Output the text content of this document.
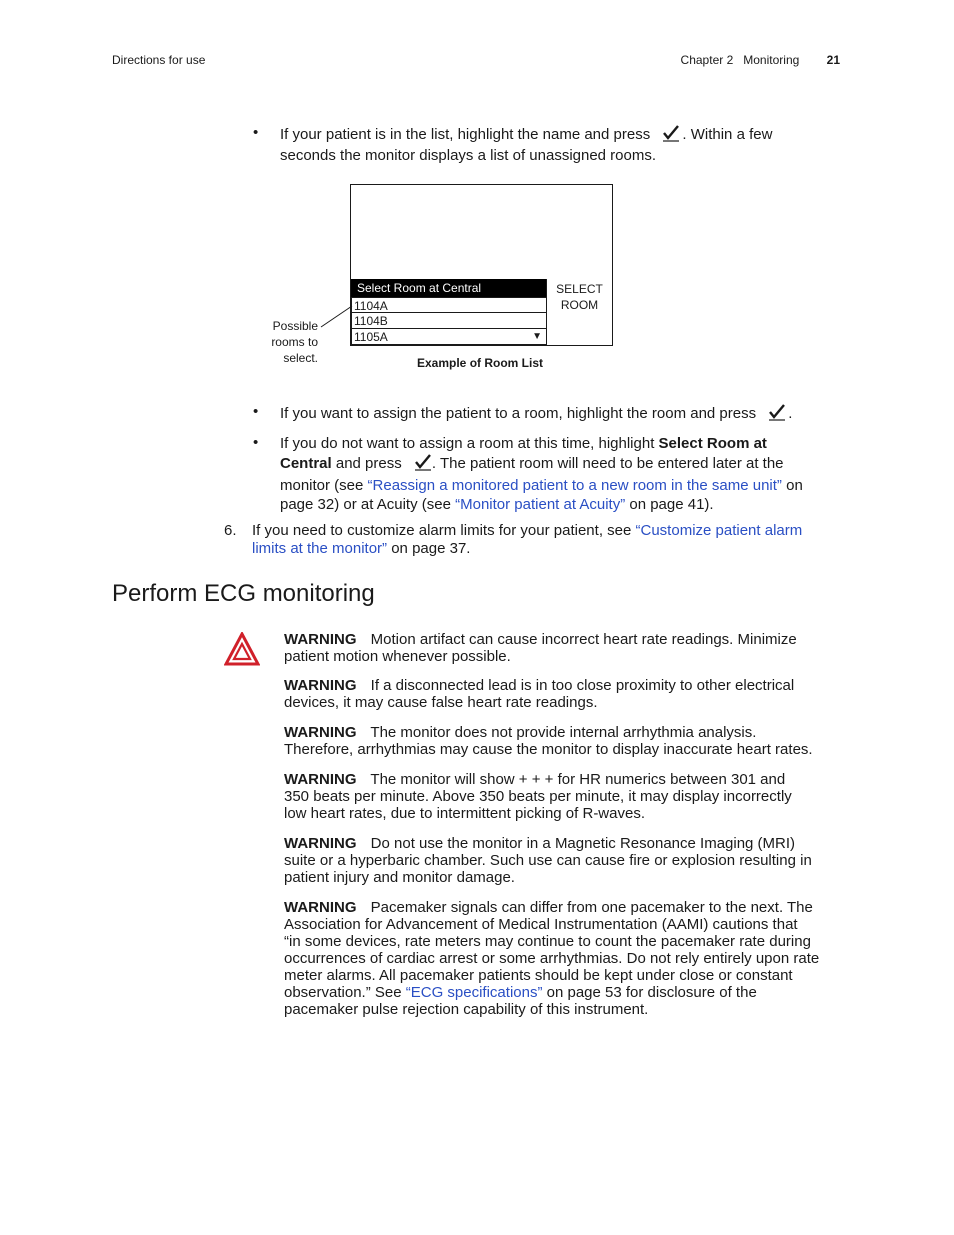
Directions for use	Chapter 2 Monitoring 21
• If your patient is in the list, highlight the name and press . Within a few
seconds the monitor displays a list of unassigned rooms.
Select Room at Central
1104A
1104B
1105A	▼
SELECT
ROOM
Possible
rooms to
select.	Example of Room List
• If you want to assign the patient to a room, highlight the room and press .
• If you do not want to assign a room at this time, highlight Select Room at
Central and press . The patient room will need to be entered later at the
monitor (see “Reassign a monitored patient to a new room in the same unit” on
page 32) or at Acuity (see “Monitor patient at Acuity” on page 41).
6. If you need to customize alarm limits for your patient, see “Customize patient alarm
limits at the monitor” on page 37.
Perform ECG monitoring
WARNING Motion artifact can cause incorrect heart rate readings. Minimize
patient motion whenever possible.
WARNING If a disconnected lead is in too close proximity to other electrical
devices, it may cause false heart rate readings.
WARNING The monitor does not provide internal arrhythmia analysis.
Therefore, arrhythmias may cause the monitor to display inaccurate heart rates.
WARNING The monitor will show + + + for HR numerics between 301 and
350 beats per minute. Above 350 beats per minute, it may display incorrectly
low heart rates, due to intermittent picking of R-waves.
WARNING Do not use the monitor in a Magnetic Resonance Imaging (MRI)
suite or a hyperbaric chamber. Such use can cause fire or explosion resulting in
patient injury and monitor damage.
WARNING Pacemaker signals can differ from one pacemaker to the next. The
Association for Advancement of Medical Instrumentation (AAMI) cautions that
“in some devices, rate meters may continue to count the pacemaker rate during
occurrences of cardiac arrest or some arrhythmias. Do not rely entirely upon rate
meter alarms. All pacemaker patients should be kept under close or constant
observation.” See “ECG specifications” on page 53 for disclosure of the
pacemaker pulse rejection capability of this instrument.
